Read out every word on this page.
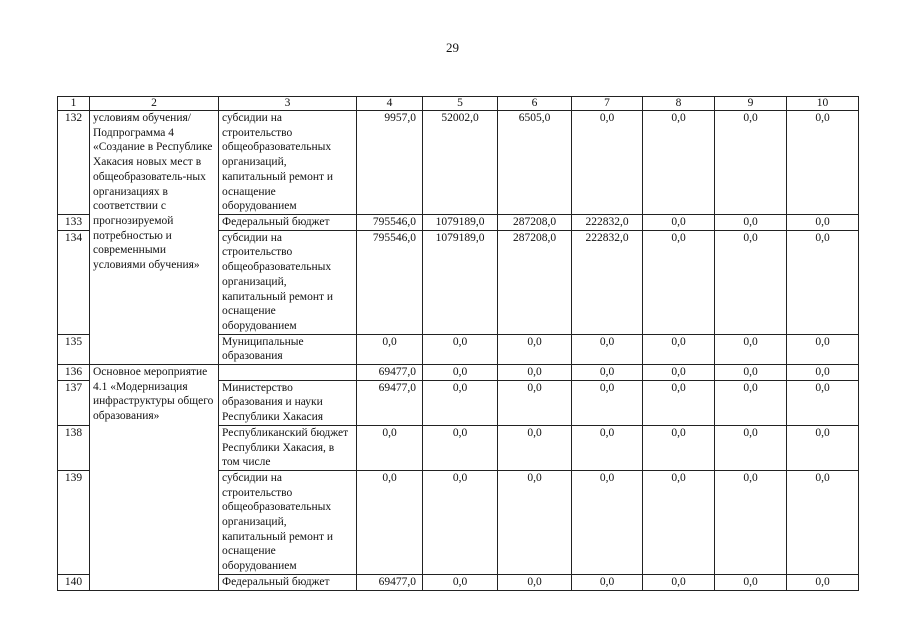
29
1	2	3	4	5	6	7	8	9	10
132	условиям обучения/ Подпрограмма 4 «Создание в Республике Хакасия новых мест в общеобразователь-ных организациях в соответствии с прогнозируемой потребностью и современными условиями обучения»	субсидии на строительство общеобразовательных организаций, капитальный ремонт и оснащение оборудованием	9957,0	52002,0	6505,0	0,0	0,0	0,0	0,0
133		Федеральный бюджет	795546,0	1079189,0	287208,0	222832,0	0,0	0,0	0,0
134		субсидии на строительство общеобразовательных организаций, капитальный ремонт и оснащение оборудованием	795546,0	1079189,0	287208,0	222832,0	0,0	0,0	0,0
135		Муниципальные образования	0,0	0,0	0,0	0,0	0,0	0,0	0,0
136	Основное мероприятие 4.1 «Модернизация инфраструктуры общего образования»		69477,0	0,0	0,0	0,0	0,0	0,0	0,0
137		Министерство образования и науки Республики Хакасия	69477,0	0,0	0,0	0,0	0,0	0,0	0,0
138		Республиканский бюджет Республики Хакасия, в том числе	0,0	0,0	0,0	0,0	0,0	0,0	0,0
139		субсидии на строительство общеобразовательных организаций, капитальный ремонт и оснащение оборудованием	0,0	0,0	0,0	0,0	0,0	0,0	0,0
140		Федеральный бюджет	69477,0	0,0	0,0	0,0	0,0	0,0	0,0
